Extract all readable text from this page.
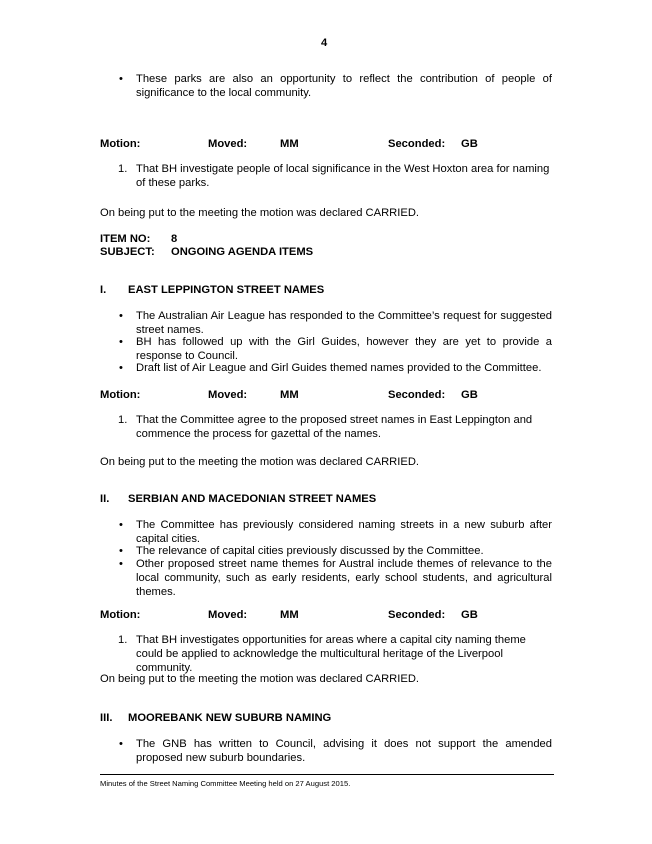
4
•	These parks are also an opportunity to reflect the contribution of people of significance to the local community.
Motion:	Moved:	MM	Seconded: GB
1. That BH investigate people of local significance in the West Hoxton area for naming of these parks.
On being put to the meeting the motion was declared CARRIED.
ITEM NO: 8
SUBJECT: ONGOING AGENDA ITEMS
I. EAST LEPPINGTON STREET NAMES
•	The Australian Air League has responded to the Committee’s request for suggested street names.
•	BH has followed up with the Girl Guides, however they are yet to provide a response to Council.
•	Draft list of Air League and Girl Guides themed names provided to the Committee.
Motion:	Moved:	MM	Seconded: GB
1. That the Committee agree to the proposed street names in East Leppington and commence the process for gazettal of the names.
On being put to the meeting the motion was declared CARRIED.
II. SERBIAN AND MACEDONIAN STREET NAMES
•	The Committee has previously considered naming streets in a new suburb after capital cities.
•	The relevance of capital cities previously discussed by the Committee.
•	Other proposed street name themes for Austral include themes of relevance to the local community, such as early residents, early school students, and agricultural themes.
Motion:	Moved:	MM	Seconded: GB
1. That BH investigates opportunities for areas where a capital city naming theme could be applied to acknowledge the multicultural heritage of the Liverpool community.
On being put to the meeting the motion was declared CARRIED.
III. MOOREBANK NEW SUBURB NAMING
•	The GNB has written to Council, advising it does not support the amended proposed new suburb boundaries.
Minutes of the Street Naming Committee Meeting held on 27 August 2015.
